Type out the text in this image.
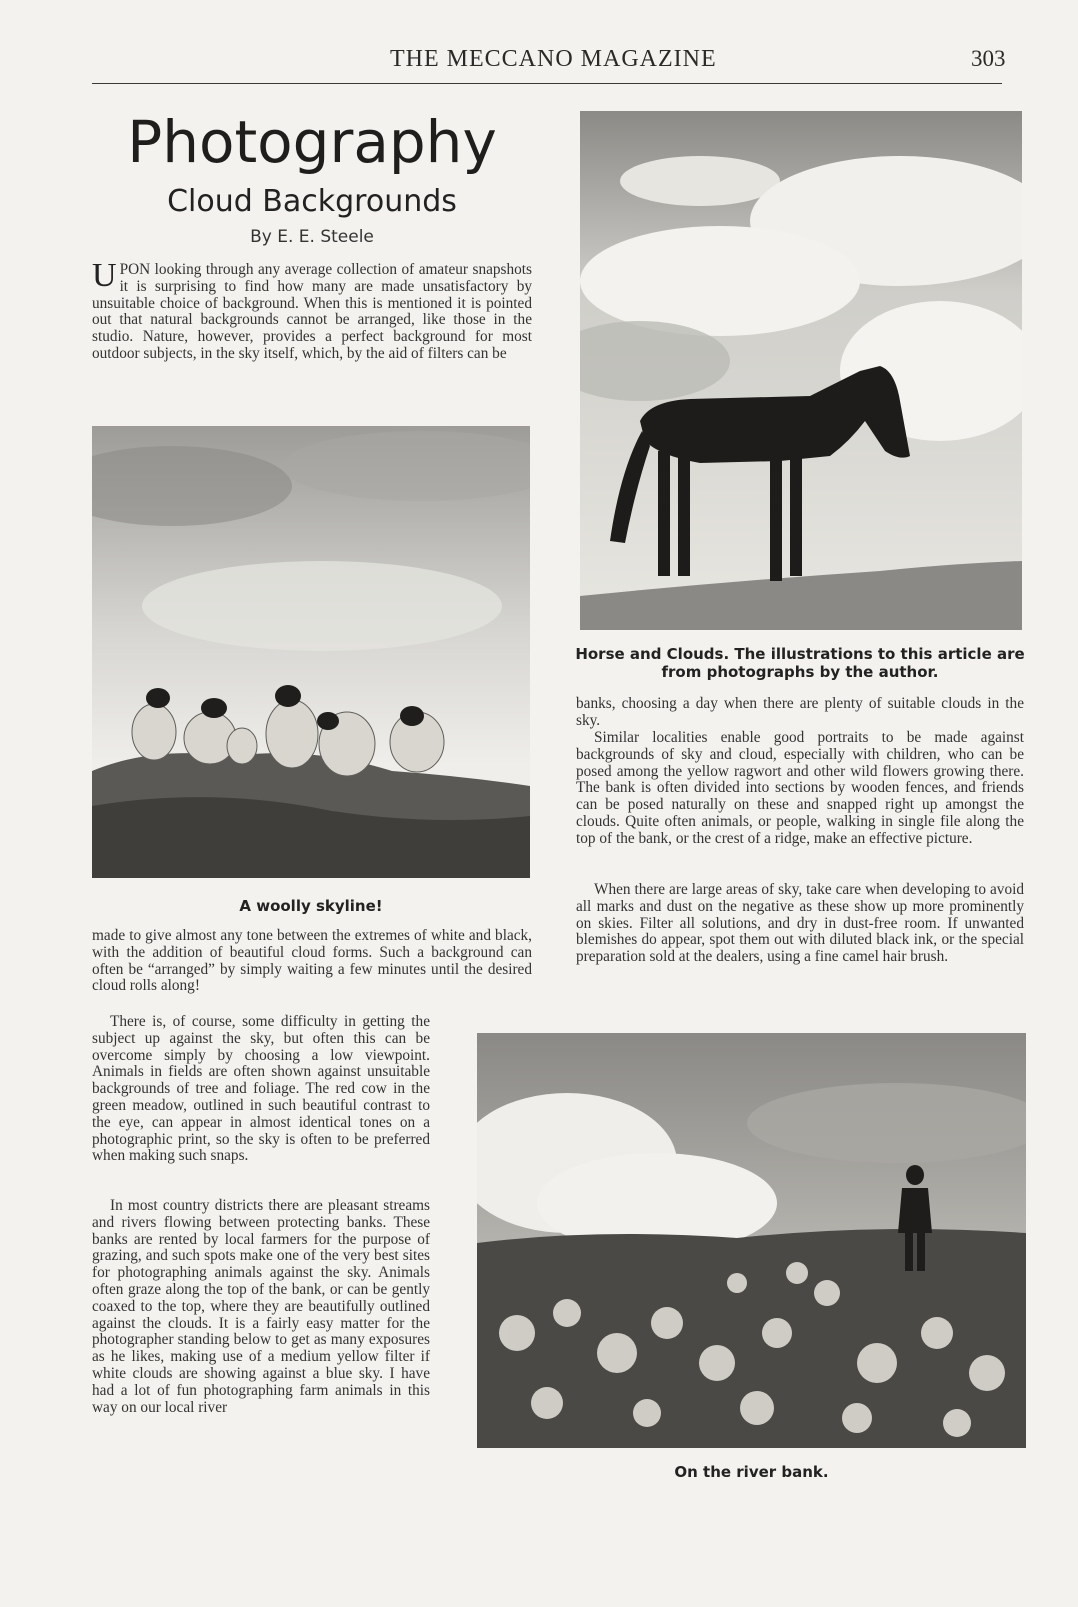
THE MECCANO MAGAZINE	303
Photography
Cloud Backgrounds
By E. E. Steele
UPON looking through any average collection of amateur snapshots it is surprising to find how many are made unsatisfactory by unsuitable choice of background. When this is mentioned it is pointed out that natural backgrounds cannot be arranged, like those in the studio. Nature, however, provides a perfect background for most outdoor subjects, in the sky itself, which, by the aid of filters can be
A woolly skyline!
made to give almost any tone between the extremes of white and black, with the addition of beautiful cloud forms. Such a background can often be “arranged” by simply waiting a few minutes until the desired cloud rolls along!
There is, of course, some difficulty in getting the subject up against the sky, but often this can be overcome simply by choosing a low viewpoint. Animals in fields are often shown against unsuitable backgrounds of tree and foliage. The red cow in the green meadow, outlined in such beautiful contrast to the eye, can appear in almost identical tones on a photographic print, so the sky is often to be preferred when making such snaps.
In most country districts there are pleasant streams and rivers flowing between protecting banks. These banks are rented by local farmers for the purpose of grazing, and such spots make one of the very best sites for photographing animals against the sky. Animals often graze along the top of the bank, or can be gently coaxed to the top, where they are beautifully outlined against the clouds. It is a fairly easy matter for the photographer standing below to get as many exposures as he likes, making use of a medium yellow filter if white clouds are showing against a blue sky. I have had a lot of fun photographing farm animals in this way on our local river
Horse and Clouds. The illustrations to this article are from photographs by the author.
banks, choosing a day when there are plenty of suitable clouds in the sky.
Similar localities enable good portraits to be made against backgrounds of sky and cloud, especially with children, who can be posed among the yellow ragwort and other wild flowers growing there. The bank is often divided into sections by wooden fences, and friends can be posed naturally on these and snapped right up amongst the clouds. Quite often animals, or people, walking in single file along the top of the bank, or the crest of a ridge, make an effective picture.
When there are large areas of sky, take care when developing to avoid all marks and dust on the negative as these show up more prominently on skies. Filter all solutions, and dry in dust-free room. If unwanted blemishes do appear, spot them out with diluted black ink, or the special preparation sold at the dealers, using a fine camel hair brush.
On the river bank.
